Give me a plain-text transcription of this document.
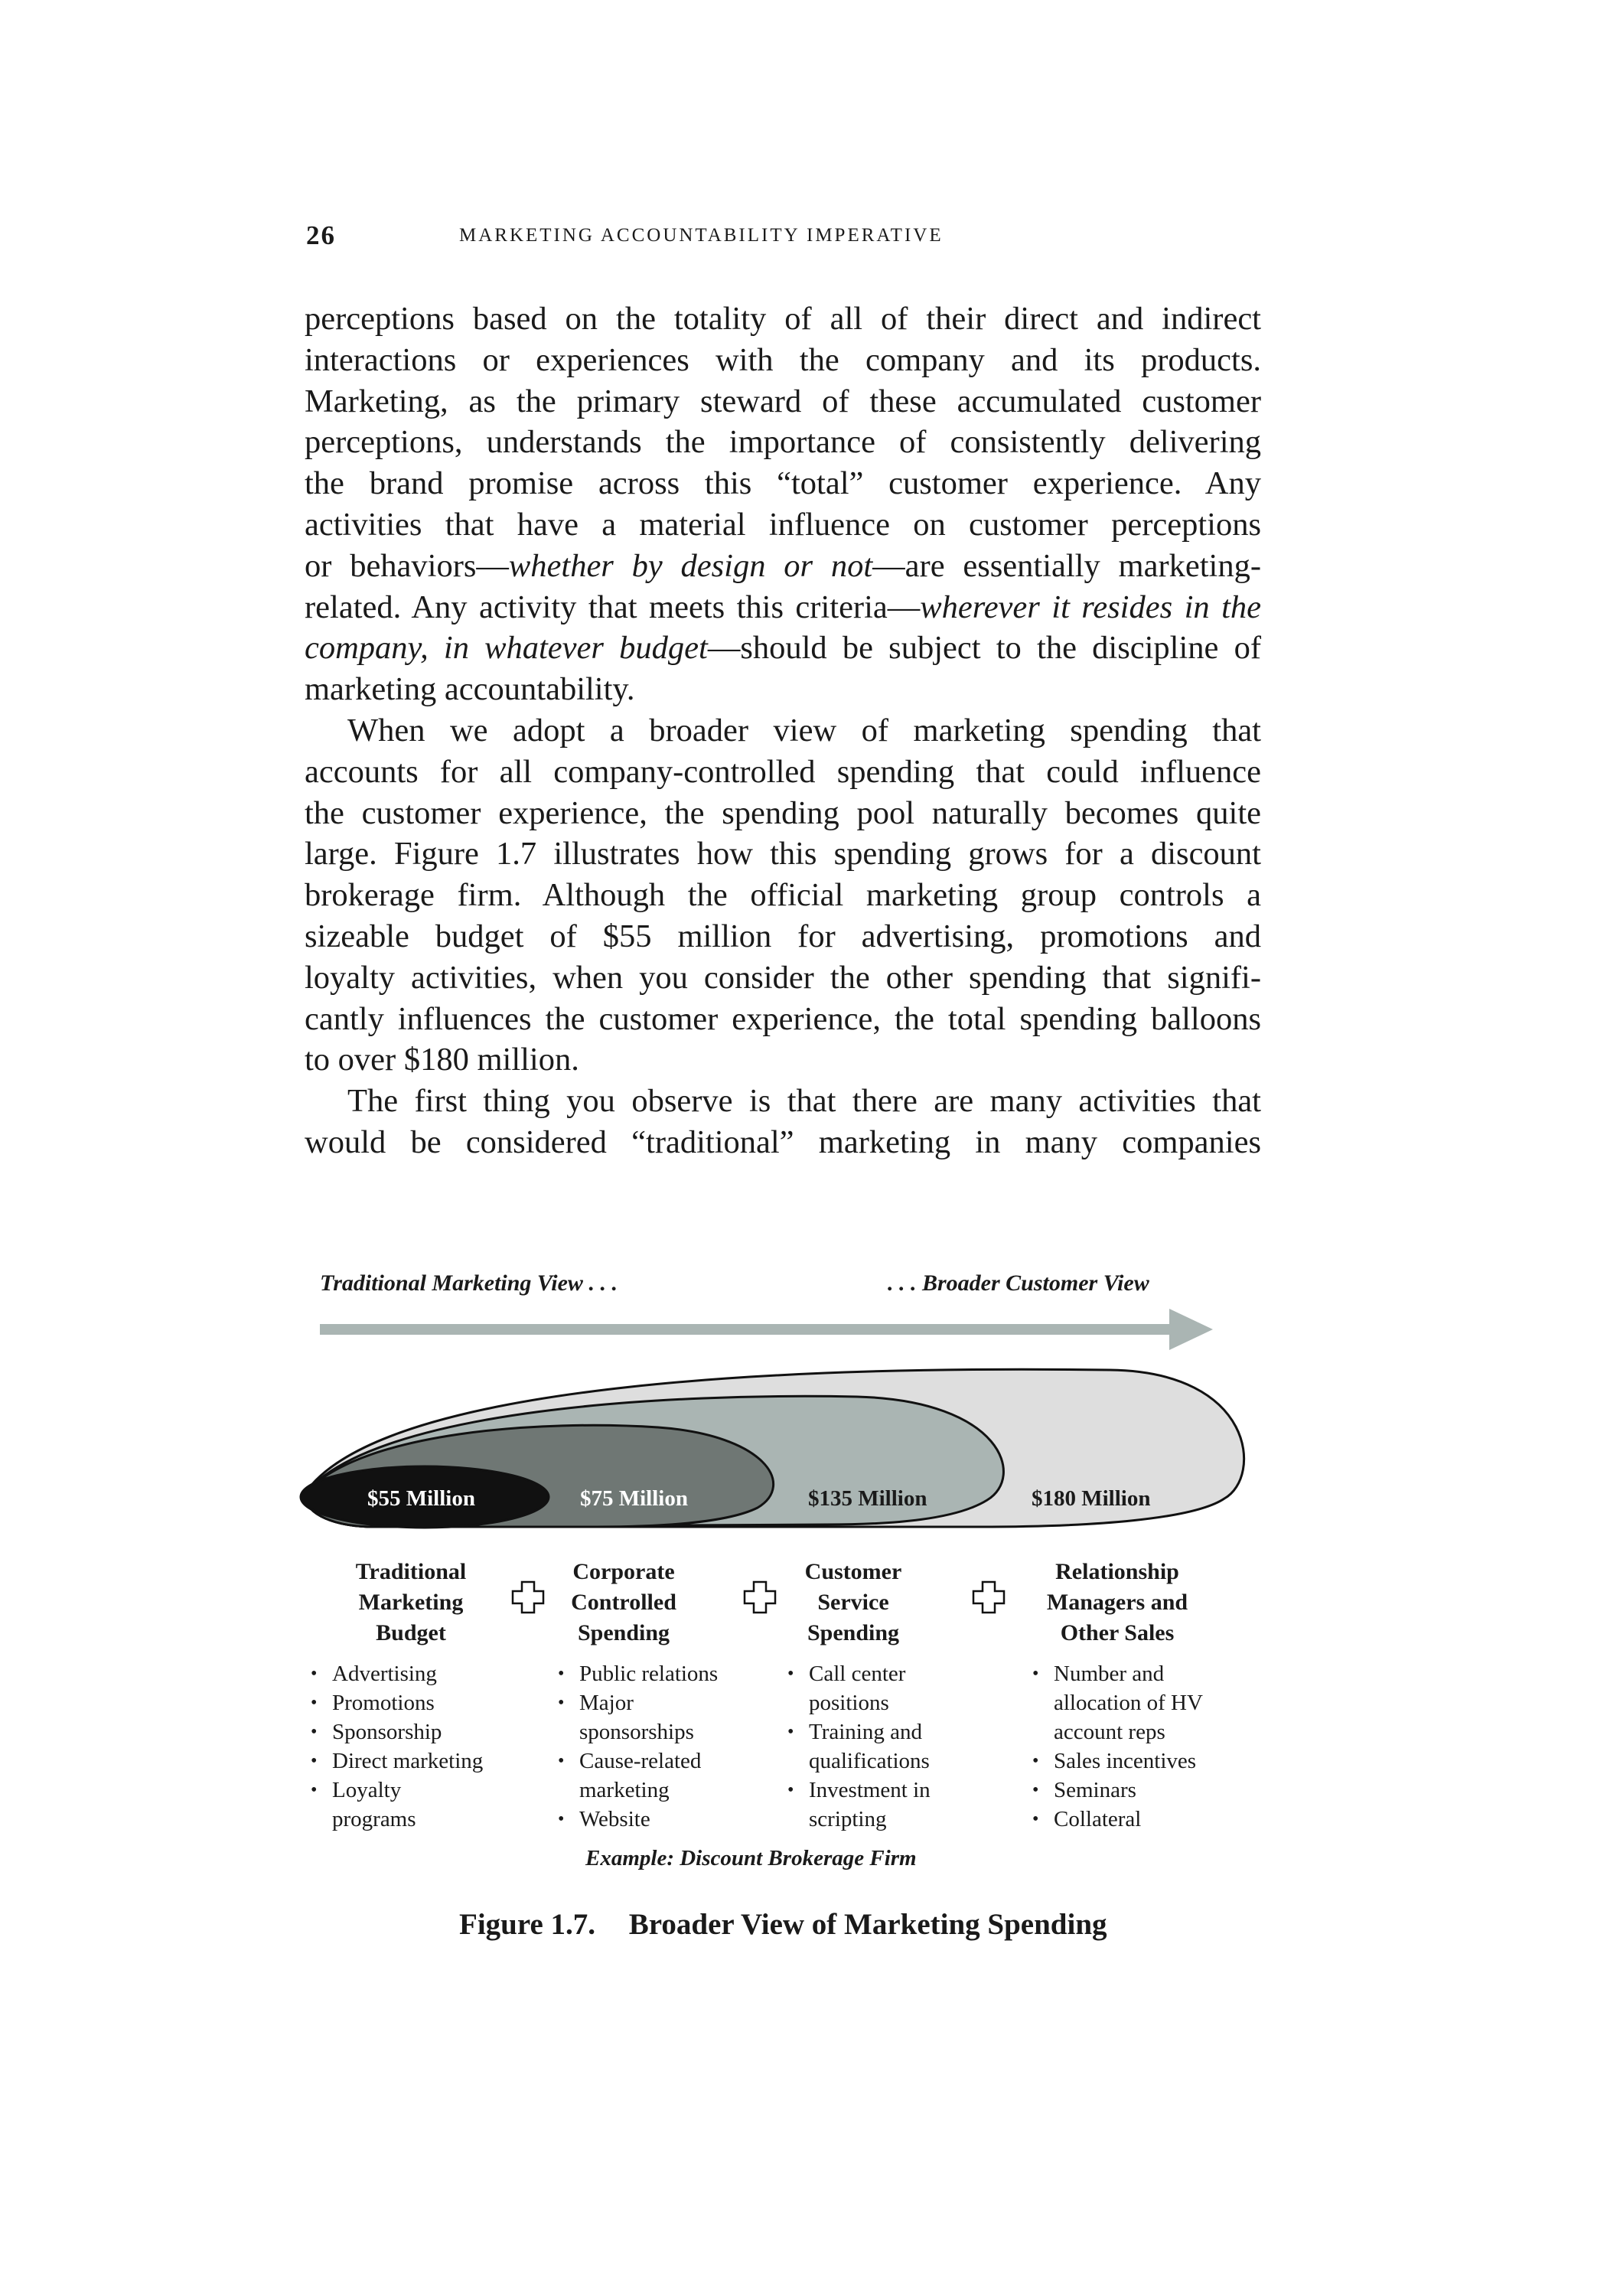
26	MARKETING ACCOUNTABILITY IMPERATIVE

perceptions based on the totality of all of their direct and indirect
interactions or experiences with the company and its products.
Marketing, as the primary steward of these accumulated customer
perceptions, understands the importance of consistently delivering
the brand promise across this “total” customer experience. Any
activities that have a material influence on customer perceptions
or behaviors—whether by design or not—are essentially marketing-
related. Any activity that meets this criteria—wherever it resides in the
company, in whatever budget—should be subject to the discipline of
marketing accountability.

When we adopt a broader view of marketing spending that
accounts for all company-controlled spending that could influence
the customer experience, the spending pool naturally becomes quite
large. Figure 1.7 illustrates how this spending grows for a discount
brokerage firm. Although the official marketing group controls a
sizeable budget of $55 million for advertising, promotions and
loyalty activities, when you consider the other spending that signifi-
cantly influences the customer experience, the total spending balloons
to over $180 million.

The first thing you observe is that there are many activities that
would be considered “traditional” marketing in many companies

$55 Million	$75 Million	$135 Million	$180 Million
Traditional Marketing View . . .	. . . Broader Customer View
Traditional
Marketing
Budget
• Advertising
• Promotions
• Sponsorship
• Direct marketing
• Loyalty programs
Corporate
Controlled
Spending
• Public relations
• Major sponsorships
• Cause-related marketing
• Website
Customer
Service
Spending
• Call center positions
• Training and qualifications
• Investment in scripting
Relationship
Managers and
Other Sales
• Number and allocation of HV account reps
• Sales incentives
• Seminars
• Collateral
Example: Discount Brokerage Firm
Figure 1.7. Broader View of Marketing Spending
